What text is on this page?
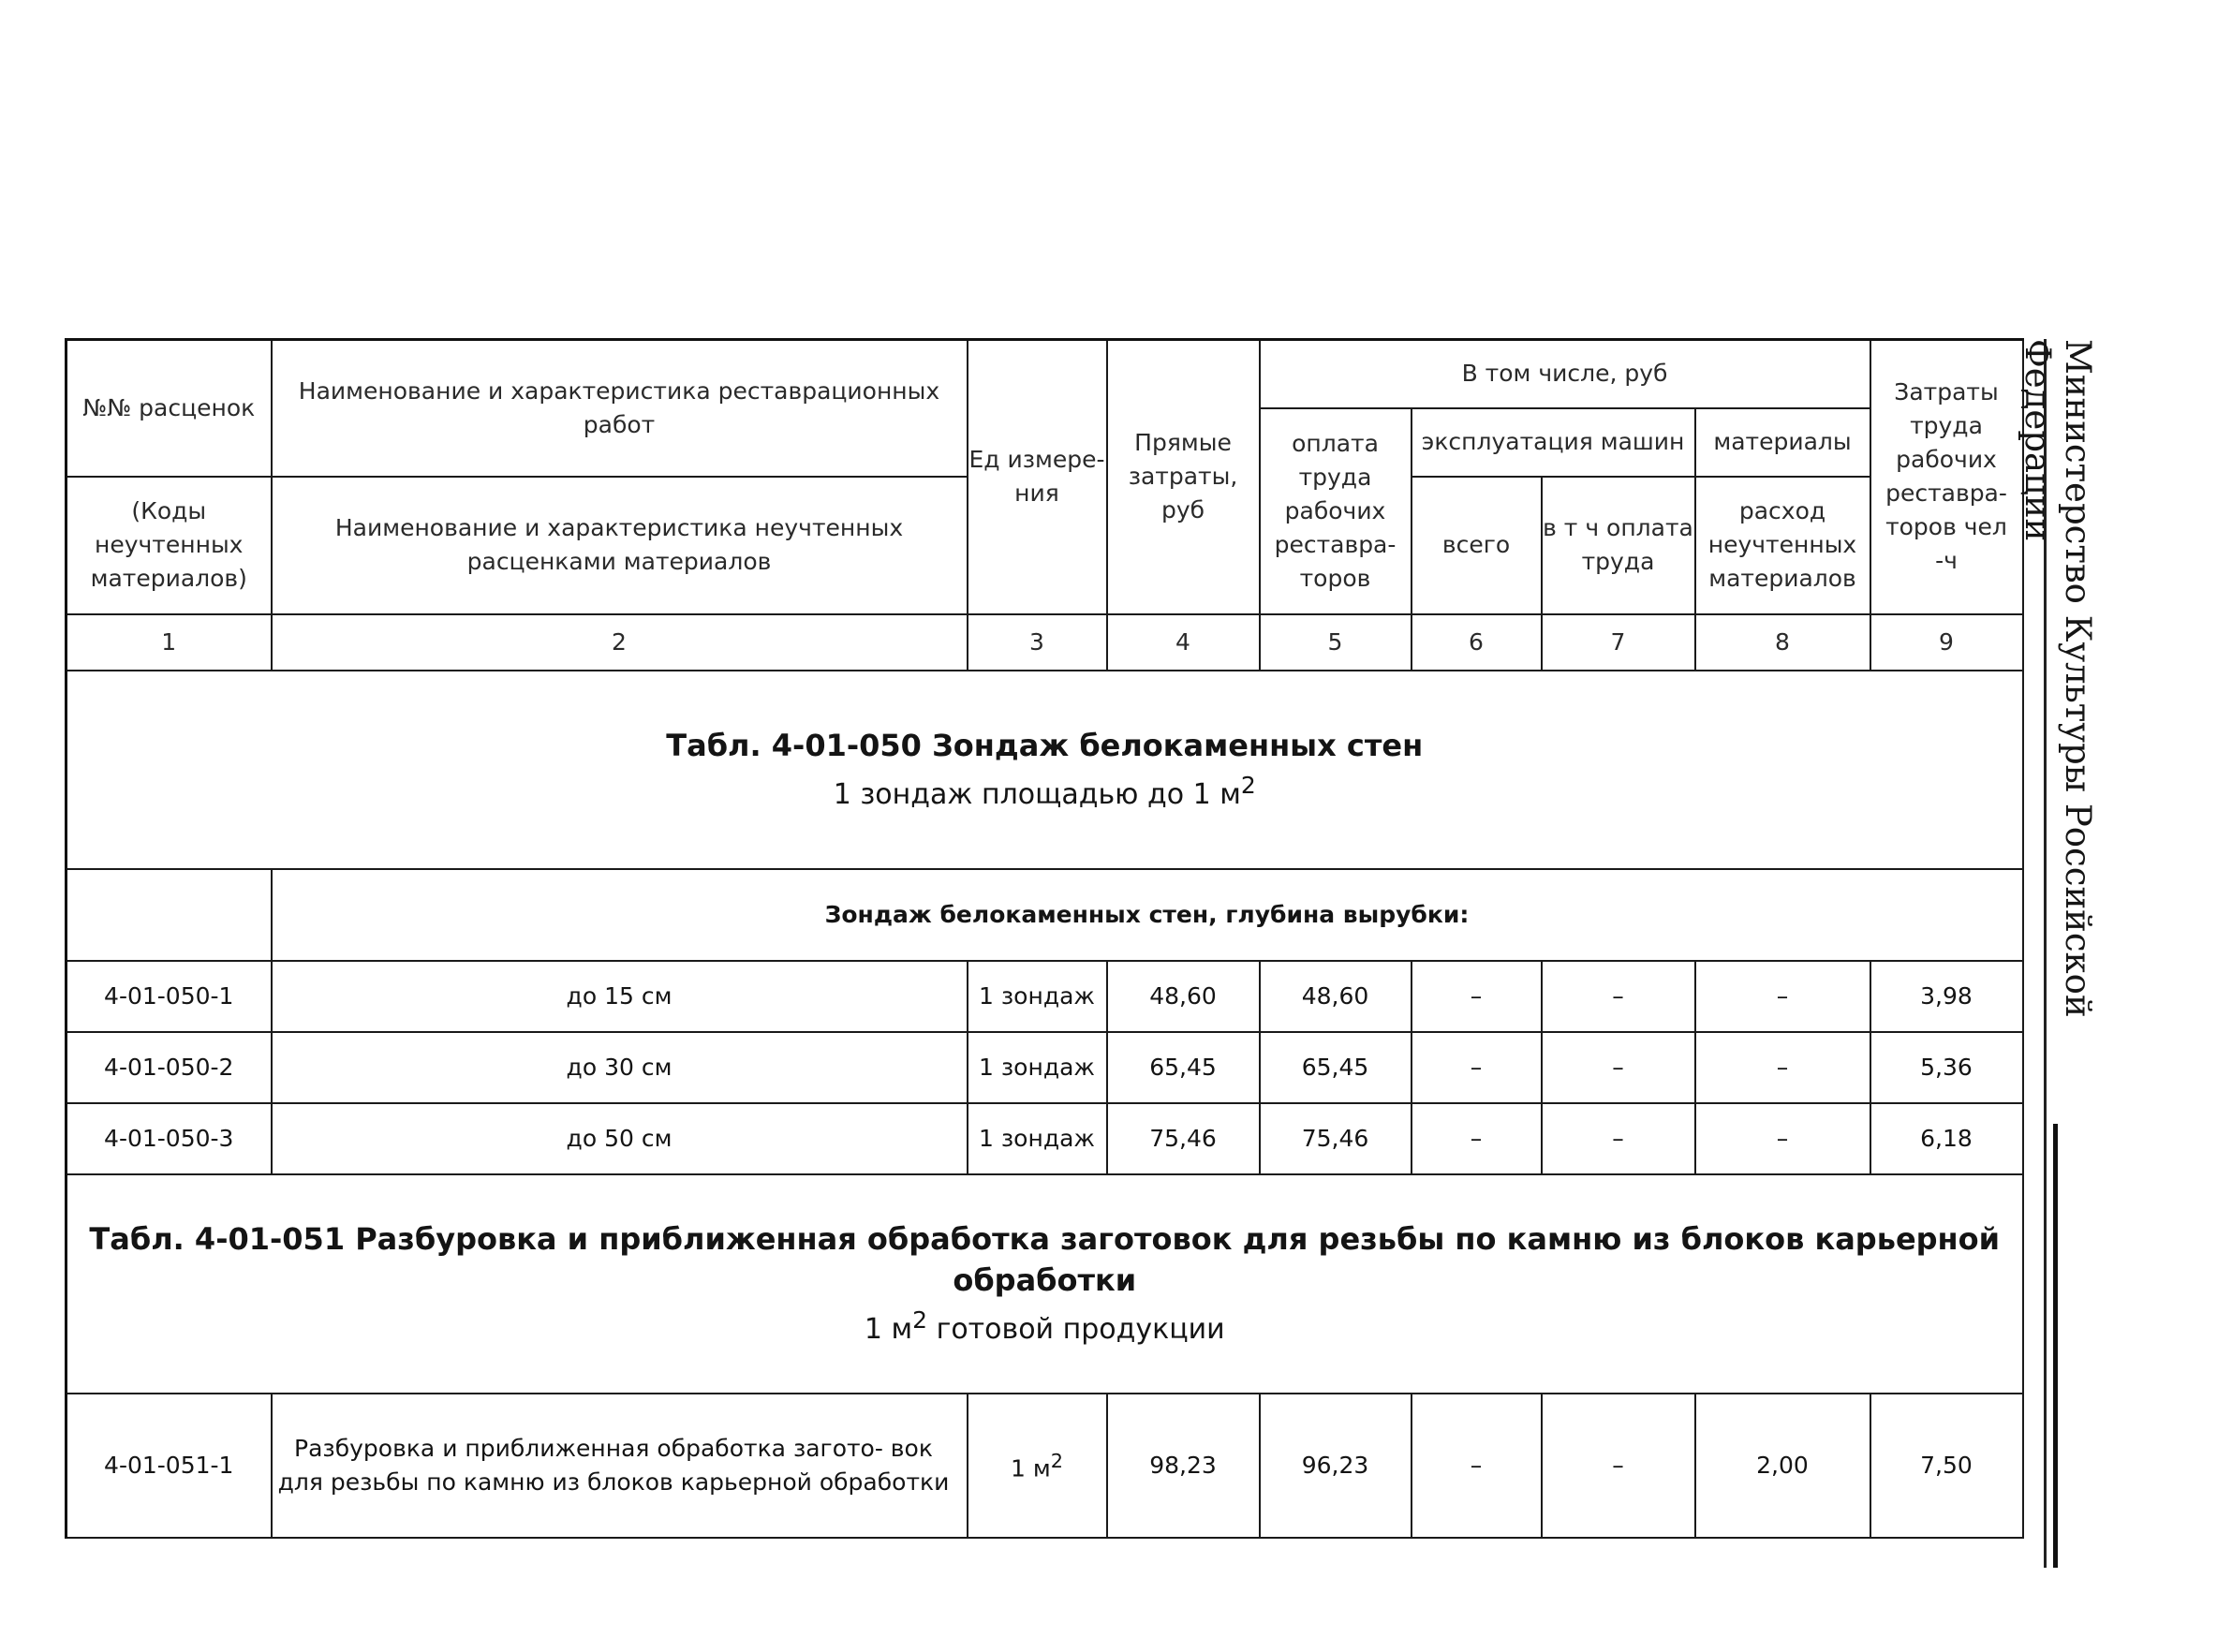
№№ расценок	Наименование и характеристика реставрационных работ	Ед измере- ния	Прямые затраты, руб	В том числе, руб				Затраты труда рабочих реставра- торов чел -ч
				оплата труда рабочих реставра- торов	эксплуатация машин		материалы	
(Коды неучтенных материалов)	Наименование и характеристика неучтенных расценками материалов				всего	в т ч оплата труда	расход неучтенных материалов	

1	2	3	4	5	6	7	8	9

Табл. 4-01-050 Зондаж белокаменных стен
1 зондаж площадью до 1 $м^2$

	Зондаж белокаменных стен, глубина вырубки:							
4-01-050-1	до 15 см	1 зондаж	48,60	48,60	–	–	–	3,98
4-01-050-2	до 30 см	1 зондаж	65,45	65,45	–	–	–	5,36
4-01-050-3	до 50 см	1 зондаж	75,46	75,46	–	–	–	6,18

Табл. 4-01-051 Разбуровка и приближенная обработка заготовок для резьбы по камню из блоков карьерной обработки
1 $м^2$ готовой продукции								

4-01-051-1	Разбуровка и приближенная обработка загото- вок для резьбы по камню из блоков карьерной обработки	1 $м^2$	98,23	96,23	–	–	2,00	7,50
Министерство Культуры Российской Федерации
